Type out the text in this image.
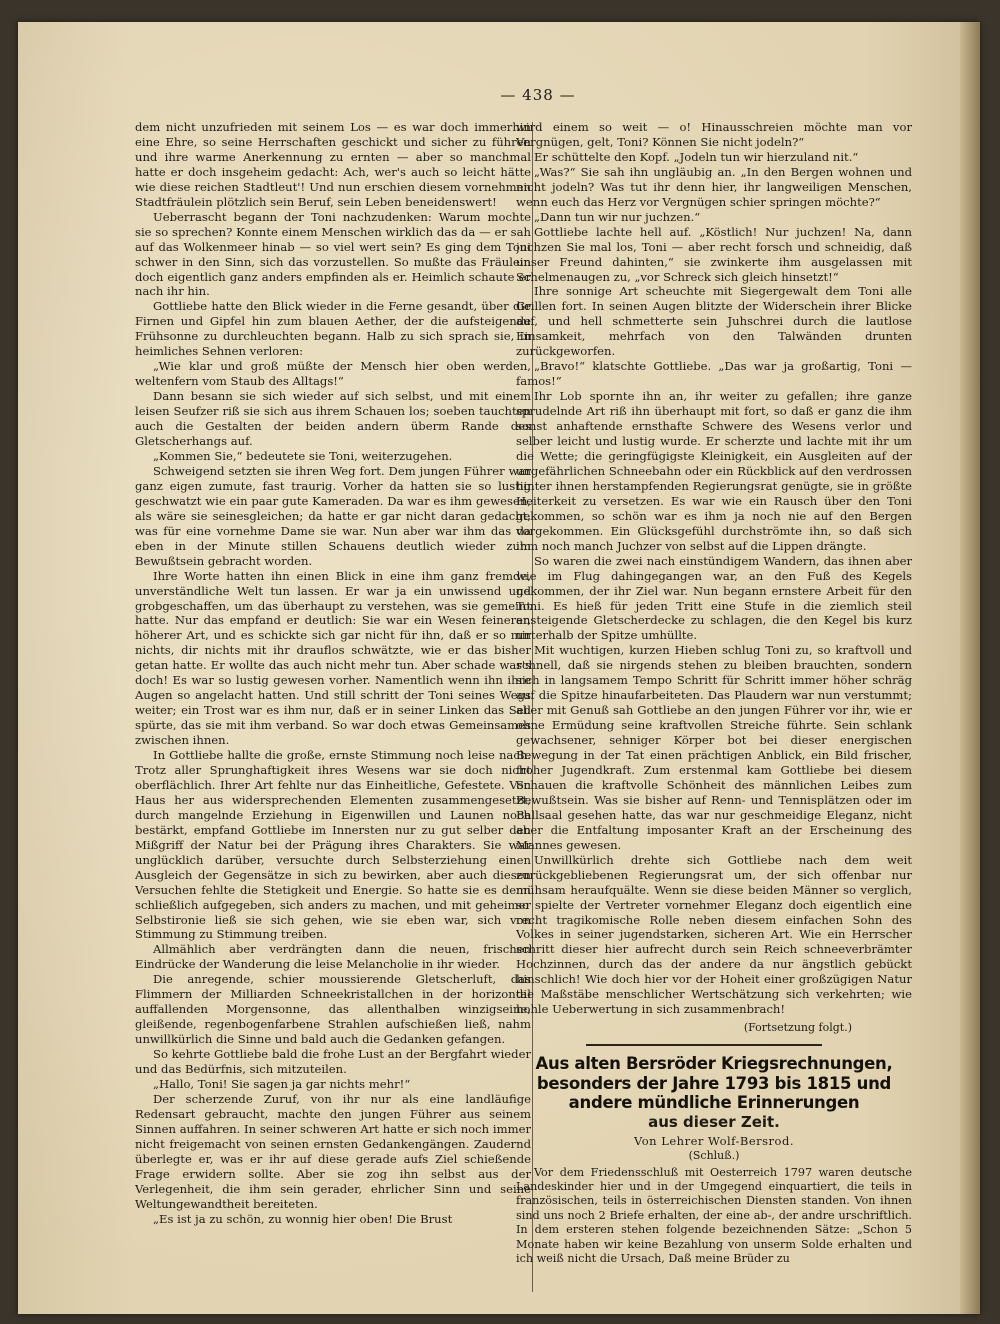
— 438 —

dem nicht unzufrieden mit seinem Los — es war doch immerhin eine Ehre, so seine Herrschaften geschickt und sicher zu führen und ihre warme Anerkennung zu ernten — aber so manchmal hatte er doch insgeheim gedacht: Ach, wer's auch so leicht hätte wie diese reichen Stadtleut'! Und nun erschien diesem vornehmen Stadtfräulein plötzlich sein Beruf, sein Leben beneidenswert!

Ueberrascht begann der Toni nachzudenken: Warum mochte sie so sprechen? Konnte einem Menschen wirklich das da — er sah auf das Wolkenmeer hinab — so viel wert sein? Es ging dem Toni schwer in den Sinn, sich das vorzustellen. So mußte das Fräulein doch eigentlich ganz anders empfinden als er. Heimlich schaute er nach ihr hin.

Gottliebe hatte den Blick wieder in die Ferne gesandt, über die Firnen und Gipfel hin zum blauen Aether, der die aufsteigende Frühsonne zu durchleuchten begann. Halb zu sich sprach sie, in heimliches Sehnen verloren:

„Wie klar und groß müßte der Mensch hier oben werden, weltenfern vom Staub des Alltags!“

Dann besann sie sich wieder auf sich selbst, und mit einem leisen Seufzer riß sie sich aus ihrem Schauen los; soeben tauchten auch die Gestalten der beiden andern überm Rande des Gletscherhangs auf.

„Kommen Sie,“ bedeutete sie Toni, weiterzugehen.

Schweigend setzten sie ihren Weg fort. Dem jungen Führer war ganz eigen zumute, fast traurig. Vorher da hatten sie so lustig geschwatzt wie ein paar gute Kameraden. Da war es ihm gewesen, als wäre sie seinesgleichen; da hatte er gar nicht daran gedacht, was für eine vornehme Dame sie war. Nun aber war ihm das da eben in der Minute stillen Schauens deutlich wieder zum Bewußtsein gebracht worden.

Ihre Worte hatten ihn einen Blick in eine ihm ganz fremde, unverständliche Welt tun lassen. Er war ja ein unwissend und grobgeschaffen, um das überhaupt zu verstehen, was sie gemeint hatte. Nur das empfand er deutlich: Sie war ein Wesen feinerer, höherer Art, und es schickte sich gar nicht für ihn, daß er so mir nichts, dir nichts mit ihr drauflos schwätzte, wie er das bisher getan hatte. Er wollte das auch nicht mehr tun. Aber schade war's doch! Es war so lustig gewesen vorher. Namentlich wenn ihn ihre Augen so angelacht hatten. Und still schritt der Toni seines Wegs weiter; ein Trost war es ihm nur, daß er in seiner Linken das Seil spürte, das sie mit ihm verband. So war doch etwas Gemeinsames zwischen ihnen.

In Gottliebe hallte die große, ernste Stimmung noch leise nach. Trotz aller Sprunghaftigkeit ihres Wesens war sie doch nicht oberflächlich. Ihrer Art fehlte nur das Einheitliche, Gefestete. Von Haus her aus widersprechenden Elementen zusammengesetzt, durch mangelnde Erziehung in Eigenwillen und Launen noch bestärkt, empfand Gottliebe im Innersten nur zu gut selber den Mißgriff der Natur bei der Prägung ihres Charakters. Sie war unglücklich darüber, versuchte durch Selbsterziehung einen Ausgleich der Gegensätze in sich zu bewirken, aber auch diesen Versuchen fehlte die Stetigkeit und Energie. So hatte sie es denn schließlich aufgegeben, sich anders zu machen, und mit geheimer Selbstironie ließ sie sich gehen, wie sie eben war, sich von Stimmung zu Stimmung treiben.

Allmählich aber verdrängten dann die neuen, frischen Eindrücke der Wanderung die leise Melancholie in ihr wieder.

Die anregende, schier moussierende Gletscherluft, das Flimmern der Milliarden Schneekristallchen in der horizontal auffallenden Morgensonne, das allenthalben winzigseine, gleißende, regenbogenfarbene Strahlen aufschießen ließ, nahm unwillkürlich die Sinne und bald auch die Gedanken gefangen.

So kehrte Gottliebe bald die frohe Lust an der Bergfahrt wieder und das Bedürfnis, sich mitzuteilen.

„Hallo, Toni! Sie sagen ja gar nichts mehr!“

Der scherzende Zuruf, von ihr nur als eine landläufige Redensart gebraucht, machte den jungen Führer aus seinem Sinnen auffahren. In seiner schweren Art hatte er sich noch immer nicht freigemacht von seinen ernsten Gedankengängen. Zaudernd überlegte er, was er ihr auf diese gerade aufs Ziel schießende Frage erwidern sollte. Aber sie zog ihn selbst aus der Verlegenheit, die ihm sein gerader, ehrlicher Sinn und seine Weltungewandtheit bereiteten.

„Es ist ja zu schön, zu wonnig hier oben! Die Brust

wird einem so weit — o! Hinausschreien möchte man vor Vergnügen, gelt, Toni? Können Sie nicht jodeln?“

Er schüttelte den Kopf. „Jodeln tun wir hierzuland nit.“

„Was?“ Sie sah ihn ungläubig an. „In den Bergen wohnen und nicht jodeln? Was tut ihr denn hier, ihr langweiligen Menschen, wenn euch das Herz vor Vergnügen schier springen möchte?“

„Dann tun wir nur juchzen.“

Gottliebe lachte hell auf. „Köstlich! Nur juchzen! Na, dann juchzen Sie mal los, Toni — aber recht forsch und schneidig, daß unser Freund dahinten,“ sie zwinkerte ihm ausgelassen mit Schelmenaugen zu, „vor Schreck sich gleich hinsetzt!“

Ihre sonnige Art scheuchte mit Siegergewalt dem Toni alle Grillen fort. In seinen Augen blitzte der Widerschein ihrer Blicke auf, und hell schmetterte sein Juhschrei durch die lautlose Einsamkeit, mehrfach von den Talwänden drunten zurückgeworfen.

„Bravo!“ klatschte Gottliebe. „Das war ja großartig, Toni — famos!“

Ihr Lob spornte ihn an, ihr weiter zu gefallen; ihre ganze sprudelnde Art riß ihn überhaupt mit fort, so daß er ganz die ihm sonst anhaftende ernsthafte Schwere des Wesens verlor und selber leicht und lustig wurde. Er scherzte und lachte mit ihr um die Wette; die geringfügigste Kleinigkeit, ein Ausgleiten auf der ungefährlichen Schneebahn oder ein Rückblick auf den verdrossen hinter ihnen herstampfenden Regierungsrat genügte, sie in größte Heiterkeit zu versetzen. Es war wie ein Rausch über den Toni gekommen, so schön war es ihm ja noch nie auf den Bergen vorgekommen. Ein Glücksgefühl durchströmte ihn, so daß sich ihm noch manch Juchzer von selbst auf die Lippen drängte.

So waren die zwei nach einstündigem Wandern, das ihnen aber wie im Flug dahingegangen war, an den Fuß des Kegels gekommen, der ihr Ziel war. Nun begann ernstere Arbeit für den Toni. Es hieß für jeden Tritt eine Stufe in die ziemlich steil ansteigende Gletscherdecke zu schlagen, die den Kegel bis kurz unterhalb der Spitze umhüllte.

Mit wuchtigen, kurzen Hieben schlug Toni zu, so kraftvoll und schnell, daß sie nirgends stehen zu bleiben brauchten, sondern sich in langsamem Tempo Schritt für Schritt immer höher schräg auf die Spitze hinaufarbeiteten. Das Plaudern war nun verstummt; aber mit Genuß sah Gottliebe an den jungen Führer vor ihr, wie er ohne Ermüdung seine kraftvollen Streiche führte. Sein schlank gewachsener, sehniger Körper bot bei dieser energischen Bewegung in der Tat einen prächtigen Anblick, ein Bild frischer, froher Jugendkraft. Zum erstenmal kam Gottliebe bei diesem Schauen die kraftvolle Schönheit des männlichen Leibes zum Bewußtsein. Was sie bisher auf Renn- und Tennisplätzen oder im Ballsaal gesehen hatte, das war nur geschmeidige Eleganz, nicht aber die Entfaltung imposanter Kraft an der Erscheinung des Mannes gewesen.

Unwillkürlich drehte sich Gottliebe nach dem weit zurückgebliebenen Regierungsrat um, der sich offenbar nur mühsam heraufquälte. Wenn sie diese beiden Männer so verglich, so spielte der Vertreter vornehmer Eleganz doch eigentlich eine recht tragikomische Rolle neben diesem einfachen Sohn des Volkes in seiner jugendstarken, sicheren Art. Wie ein Herrscher schritt dieser hier aufrecht durch sein Reich schneeverbrämter Hochzinnen, durch das der andere da nur ängstlich gebückt hinschlich! Wie doch hier vor der Hoheit einer großzügigen Natur die Maßstäbe menschlicher Wertschätzung sich verkehrten; wie hohle Ueberwertung in sich zusammenbrach!

(Fortsetzung folgt.)
Aus alten Bersröder Kriegsrechnungen, besonders der Jahre 1793 bis 1815 und andere mündliche Erinnerungen
aus dieser Zeit.
Von Lehrer Wolf-Bersrod.
(Schluß.)

Vor dem Friedensschluß mit Oesterreich 1797 waren deutsche Landeskinder hier und in der Umgegend einquartiert, die teils in französischen, teils in österreichischen Diensten standen. Von ihnen sind uns noch 2 Briefe erhalten, der eine ab-, der andre urschriftlich. In dem ersteren stehen folgende bezeichnenden Sätze: „Schon 5 Monate haben wir keine Bezahlung von unserm Solde erhalten und ich weiß nicht die Ursach, Daß meine Brüder zu
